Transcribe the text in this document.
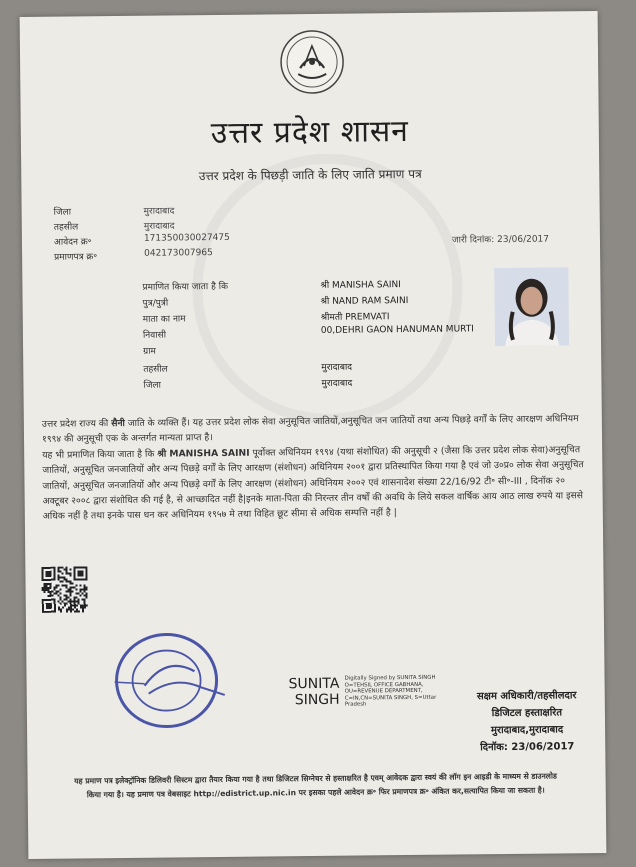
उत्तर प्रदेश शासन
उत्तर प्रदेश के पिछड़ी जाति के लिए जाति प्रमाण पत्र
जिला	मुरादाबाद
तहसील	मुरादाबाद
आवेदन क्र॰	171350030027475
प्रमाणपत्र क्र॰	042173007965
जारी दिनांक: 23/06/2017
प्रमाणित किया जाता है कि	श्री MANISHA SAINI
पुत्र/पुत्री	श्री NAND RAM SAINI
माता का नाम	श्रीमती PREMVATI
निवासी	00,DEHRI GAON HANUMAN MURTI
ग्राम
तहसील	मुरादाबाद
जिला	मुरादाबाद
उत्तर प्रदेश राज्य की सैनी जाति के व्यक्ति हैं। यह उत्तर प्रदेश लोक सेवा अनुसूचित जातियों,अनुसूचित जन जातियों तथा अन्य पिछड़े वर्गों के लिए आरक्षण अधिनियम १९९४ की अनुसूची एक के अन्तर्गत मान्यता प्राप्त है।
यह भी प्रमाणित किया जाता है कि श्री MANISHA SAINI पूर्वोक्त अधिनियम १९९४ (यथा संशोधित) की अनुसूची २ (जैसा कि उत्तर प्रदेश लोक सेवा)अनुसूचित जातियों, अनुसूचित जनजातियों और अन्य पिछड़े वर्गों के लिए आरक्षण (संशोधन) अधिनियम २००१ द्वारा प्रतिस्थापित किया गया है एवं जो उ०प्र० लोक सेवा अनुसूचित जातियों, अनुसूचित जनजातियों और अन्य पिछड़े वर्गों के लिए आरक्षण (संशोधन) अधिनियम २००२ एवं शासनादेश संख्या 22/16/92 टी॰ सी॰-III , दिनॉक २० अक्टूबर २००८ द्वारा संशोधित की गई है, से आच्छादित नहीं है|इनके माता-पिता की निरन्तर तीन वर्षों की अवधि के लिये सकल वार्षिक आय आठ लाख रुपये या इससे अधिक नहीं है तथा इनके पास धन कर अधिनियम १९५७ मे तथा विहित छूट सीमा से अधिक सम्पत्ति नहीं है |
SUNITA
SINGH
Digitally Signed by SUNITA SINGH O=TEHSIL OFFICE GABHANA, OU=REVENUE DEPARTMENT, C=IN,CN=SUNITA SINGH, S=Uttar Pradesh
सक्षम अधिकारी/तहसीलदार
डिजिटल हस्ताक्षरित
मुरादाबाद,मुरादाबाद
दिनॉक: 23/06/2017
यह प्रमाण पत्र इलेक्ट्रॉनिक डिलिवरी सिस्टम द्वारा तैयार किया गया है तथा डिजिटल सिग्नेचर से हस्ताक्षरित है एवम् आवेदक द्वारा स्वयं की लॉग इन आइडी के माध्यम से डाउनलोड
किया गया है। यह प्रमाण पत्र वेबसाइट http://edistrict.up.nic.in पर इसका पहले आवेदन क्र॰ फिर प्रमाणपत्र क्र॰ अंकित कर,सत्यापित किया जा सकता है।
